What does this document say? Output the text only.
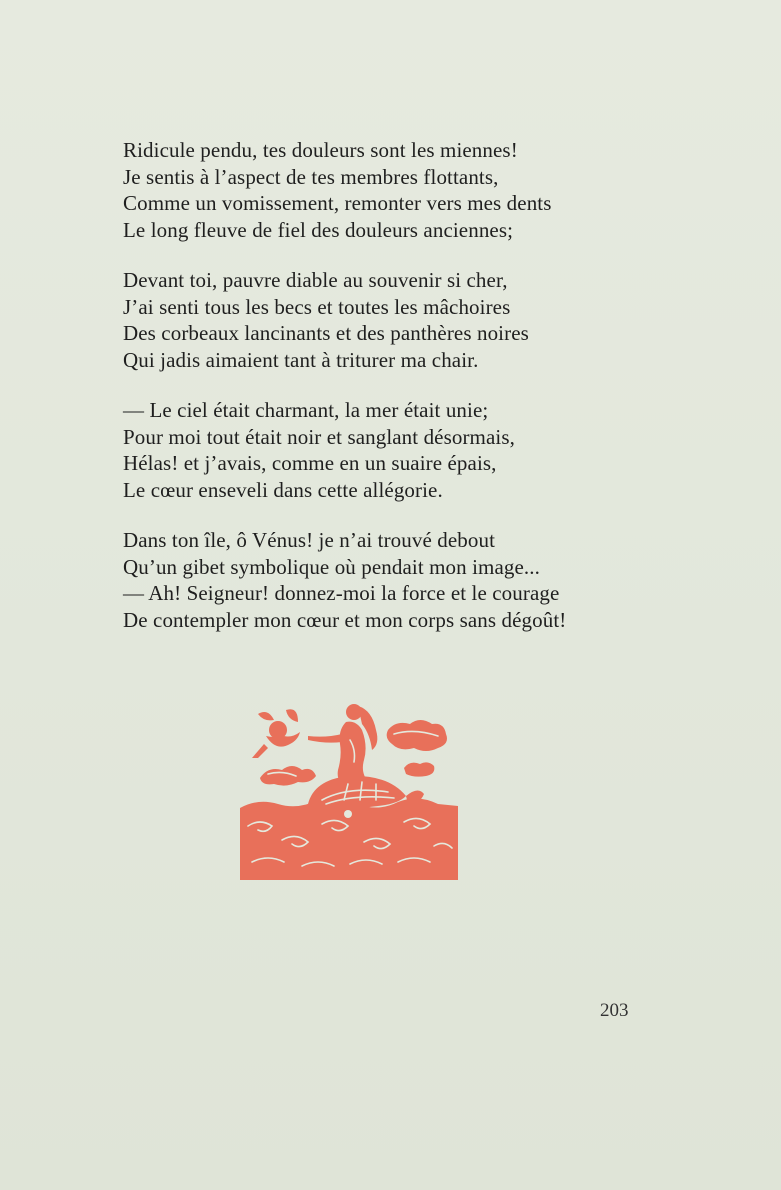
Ridicule pendu, tes douleurs sont les miennes!
Je sentis à l’aspect de tes membres flottants,
Comme un vomissement, remonter vers mes dents
Le long fleuve de fiel des douleurs anciennes;
Devant toi, pauvre diable au souvenir si cher,
J’ai senti tous les becs et toutes les mâchoires
Des corbeaux lancinants et des panthères noires
Qui jadis aimaient tant à triturer ma chair.
— Le ciel était charmant, la mer était unie;
Pour moi tout était noir et sanglant désormais,
Hélas! et j’avais, comme en un suaire épais,
Le cœur enseveli dans cette allégorie.
Dans ton île, ô Vénus! je n’ai trouvé debout
Qu’un gibet symbolique où pendait mon image...
— Ah! Seigneur! donnez-moi la force et le courage
De contempler mon cœur et mon corps sans dégoût!
203
